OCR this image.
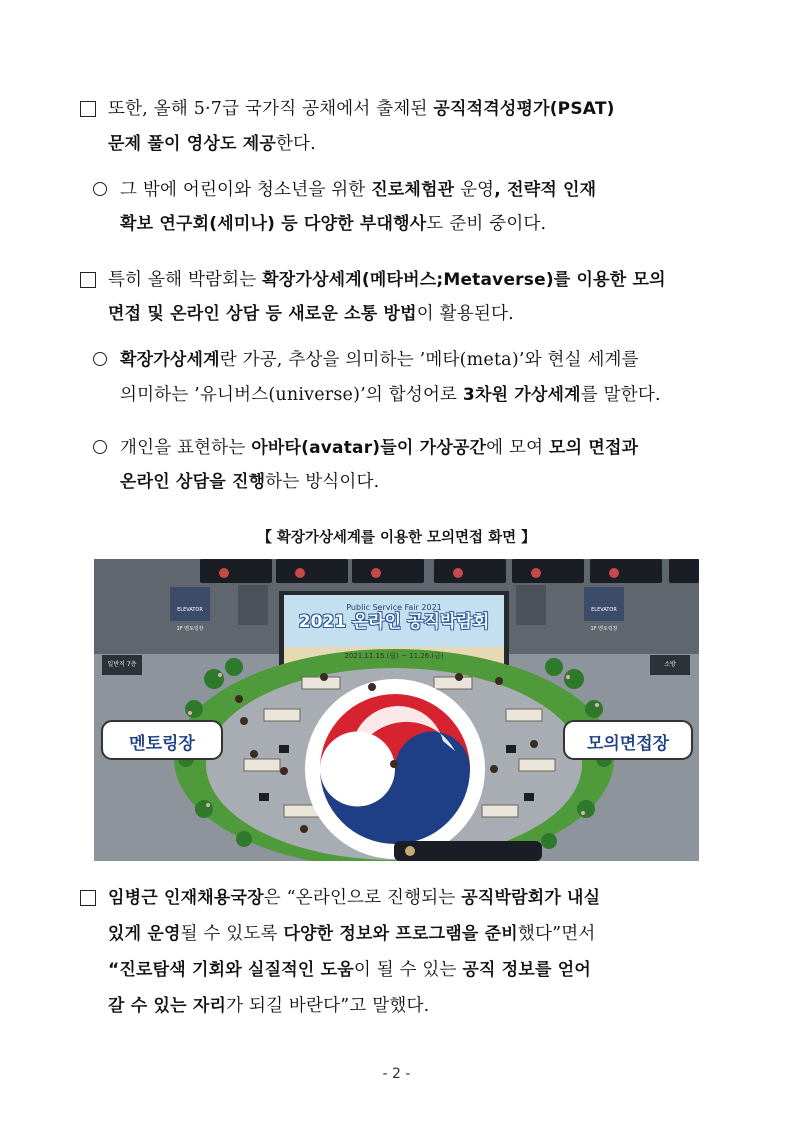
또한, 올해 5·7급 국가직 공채에서 출제된 공직적격성평가(PSAT)
문제 풀이 영상도 제공한다.
그 밖에 어린이와 청소년을 위한 진로체험관 운영, 전략적 인재
확보 연구회(세미나) 등 다양한 부대행사도 준비 중이다.
특히 올해 박람회는 확장가상세계(메타버스;Metaverse)를 이용한 모의
면접 및 온라인 상담 등 새로운 소통 방법이 활용된다.
확장가상세계란 가공, 추상을 의미하는 ’메타(meta)’와 현실 세계를
의미하는 ’유니버스(universe)’의 합성어로 3차원 가상세계를 말한다.
개인을 표현하는 아바타(avatar)들이 가상공간에 모여 모의 면접과
온라인 상담을 진행하는 방식이다.
【 확장가상세계를 이용한 모의면접 화면 】
Public Service Fair 2021
2021 온라인 공직박람회
2021.11.15.(월) ~ 11.26.(금)
ELEVATOR	ELEVATOR
1F 멘토링장	1F 멘토링장
일반직 7층	소방
멘토링장	모의면접장
임병근 인재채용국장은 “온라인으로 진행되는 공직박람회가 내실
있게 운영될 수 있도록 다양한 정보와 프로그램을 준비했다”면서
“진로탐색 기회와 실질적인 도움이 될 수 있는 공직 정보를 얻어
갈 수 있는 자리가 되길 바란다”고 말했다.
- 2 -
